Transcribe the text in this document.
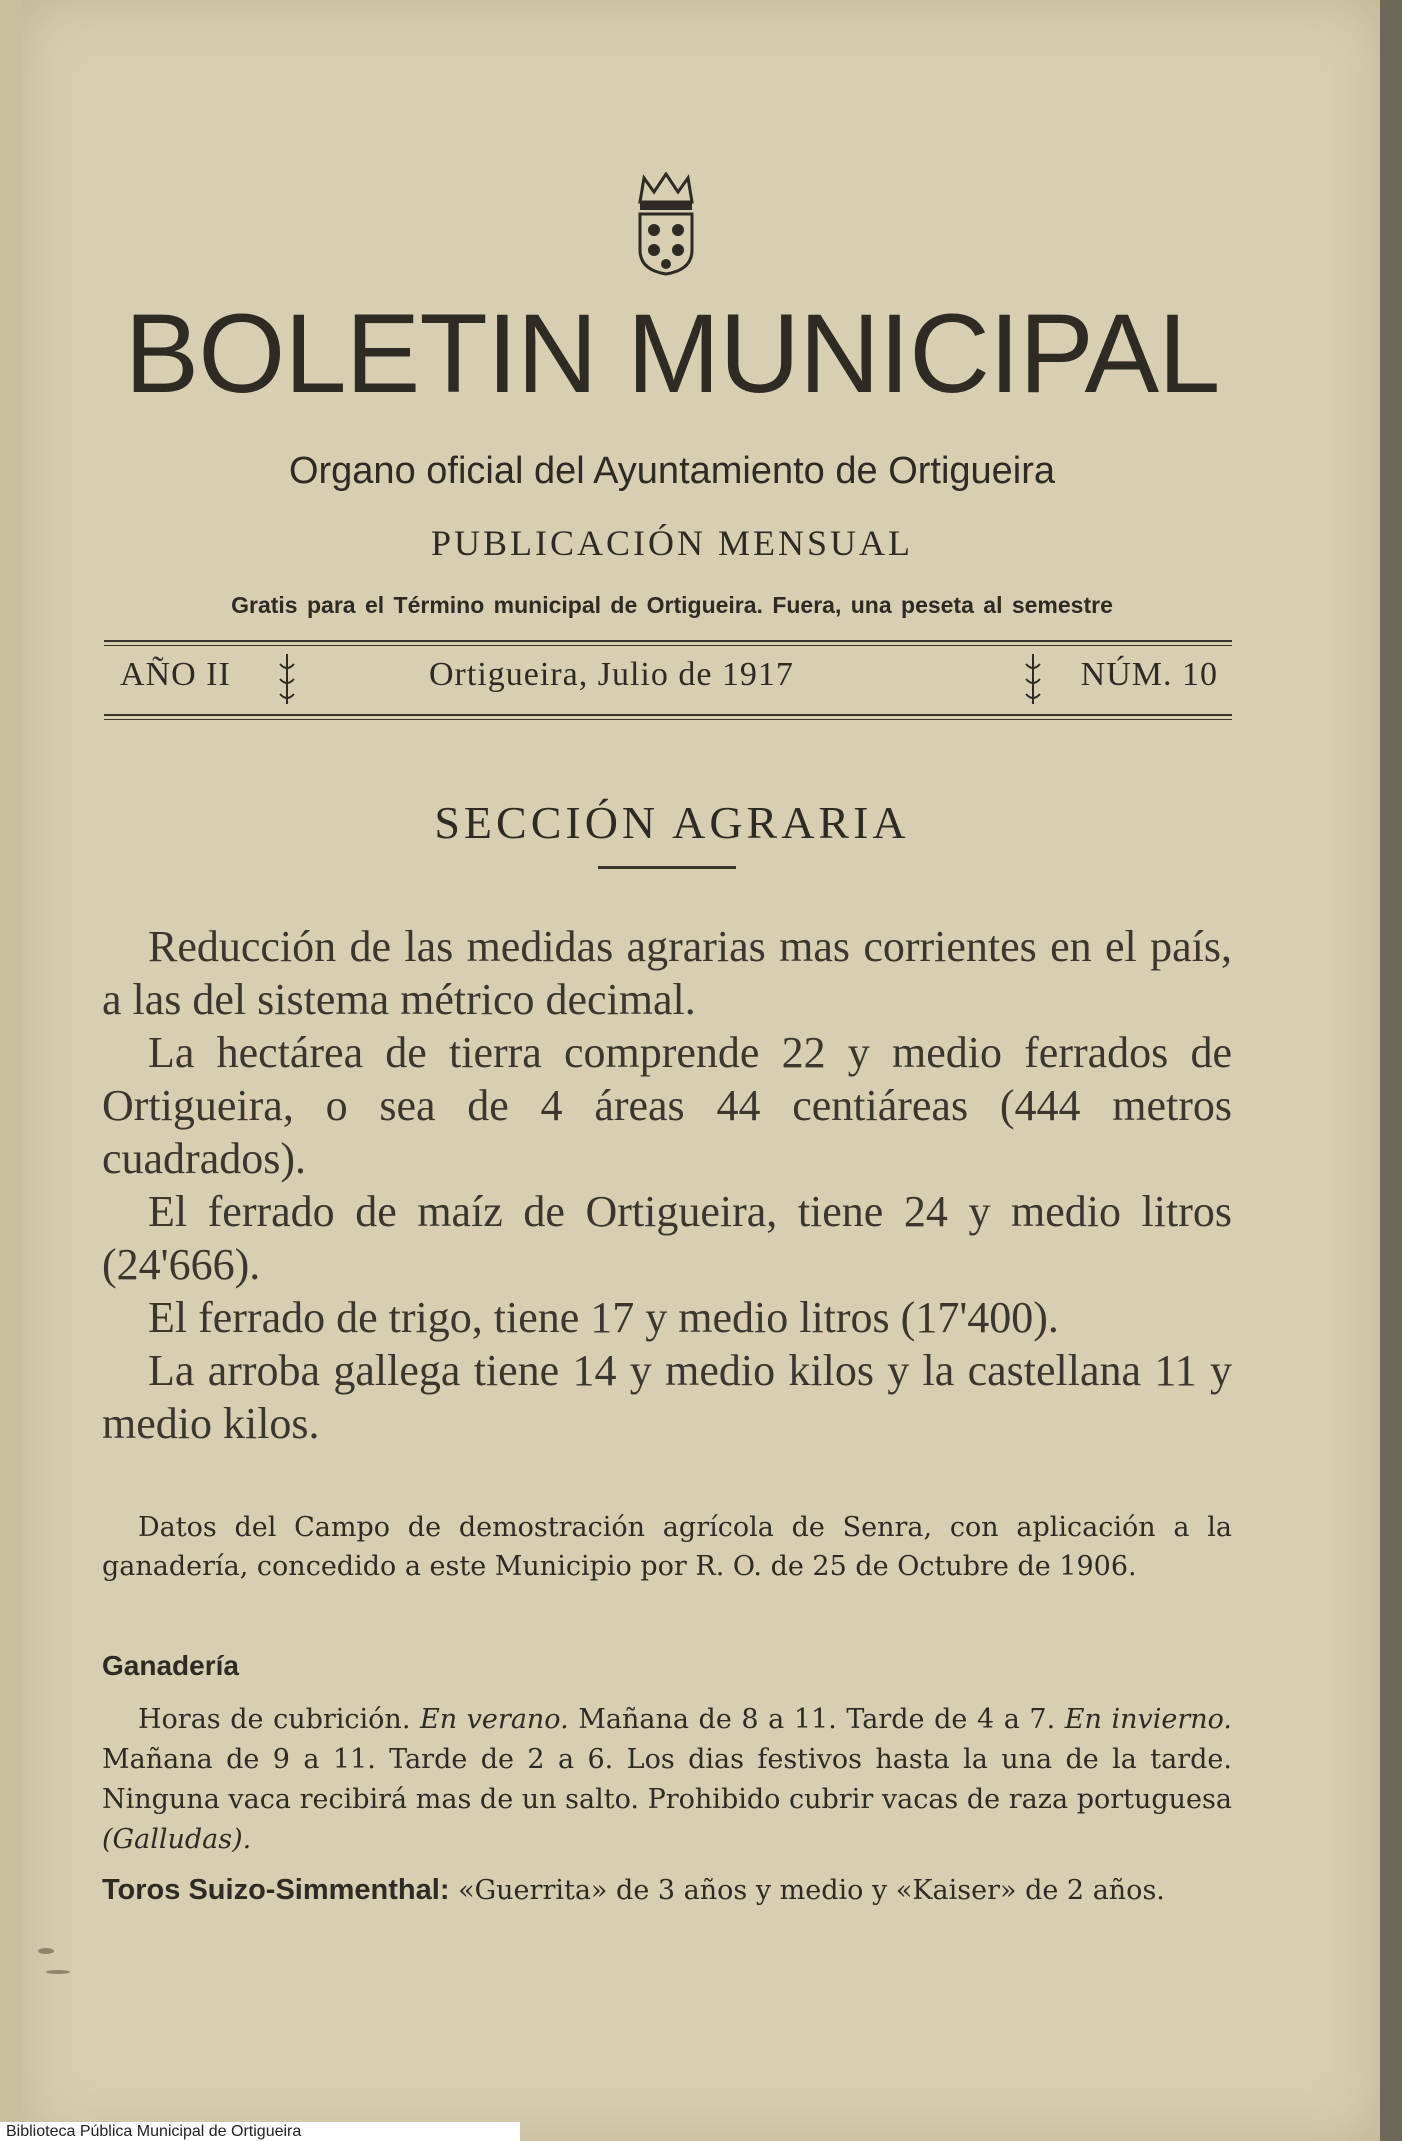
BOLETIN MUNICIPAL
Organo oficial del Ayuntamiento de Ortigueira
PUBLICACIÓN MENSUAL
Gratis para el Término municipal de Ortigueira. Fuera, una peseta al semestre
AÑO II	Ortigueira, Julio de 1917	NÚM. 10
SECCIÓN AGRARIA

Reducción de las medidas agrarias mas corrientes en el país, a las del sistema métrico decimal.

La hectárea de tierra comprende 22 y medio ferrados de Ortigueira, o sea de 4 áreas 44 centiáreas (444 metros cuadrados).

El ferrado de maíz de Ortigueira, tiene 24 y medio litros (24'666).

El ferrado de trigo, tiene 17 y medio litros (17'400).

La arroba gallega tiene 14 y medio kilos y la castellana 11 y medio kilos.

Datos del Campo de demostración agrícola de Senra, con aplicación a la ganadería, concedido a este Municipio por R. O. de 25 de Octubre de 1906.

Ganadería

Horas de cubrición. En verano. Mañana de 8 a 11. Tarde de 4 a 7. En invierno. Mañana de 9 a 11. Tarde de 2 a 6. Los dias festivos hasta la una de la tarde. Ninguna vaca recibirá mas de un salto. Prohibido cubrir vacas de raza portuguesa (Galludas).

Toros Suizo-Simmenthal: «Guerrita» de 3 años y medio y «Kaiser» de 2 años.

Biblioteca Pública Municipal de Ortigueira
